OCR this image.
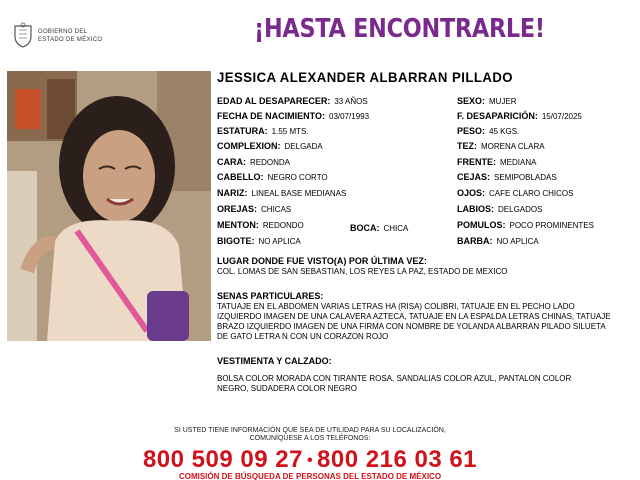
GOBIERNO DEL
ESTADO DE MÉXICO	¡HASTA ENCONTRARLE!
JESSICA ALEXANDER ALBARRAN PILLADO
EDAD AL DESAPARECER: 33 AÑOS
FECHA DE NACIMIENTO: 03/07/1993
ESTATURA: 1.55 MTS.
COMPLEXION: DELGADA
CARA: REDONDA
CABELLO: NEGRO CORTO
NARIZ: LINEAL BASE MEDIANAS
OREJAS: CHICAS
MENTON: REDONDO	BOCA: CHICA
BIGOTE: NO APLICA
SEXO: MUJER
F. DESAPARICIÓN: 15/07/2025
PESO: 45 KGS.
TEZ: MORENA CLARA
FRENTE: MEDIANA
CEJAS: SEMIPOBLADAS
OJOS: CAFE CLARO CHICOS
LABIOS: DELGADOS
POMULOS: POCO PROMINENTES
BARBA: NO APLICA
LUGAR DONDE FUE VISTO(A) POR ÚLTIMA VEZ:
COL. LOMAS DE SAN SEBASTIAN, LOS REYES LA PAZ, ESTADO DE MEXICO
SENAS PARTICULARES:
TATUAJE EN EL ABDOMEN VARIAS LETRAS HA (RISA) COLIBRI, TATUAJE EN EL PECHO LADO IZQUIERDO IMAGEN DE UNA CALAVERA AZTECA, TATUAJE EN LA ESPALDA LETRAS CHINAS, TATUAJE BRAZO IZQUIERDO IMAGEN DE UNA FIRMA CON NOMBRE DE YOLANDA ALBARRAN PILADO SILUETA DE GATO LETRA N CON UN CORAZON ROJO
VESTIMENTA Y CALZADO:
BOLSA COLOR MORADA CON TIRANTE ROSA, SANDALIAS COLOR AZUL, PANTALON COLOR NEGRO, SUDADERA COLOR NEGRO
SI USTED TIENE INFORMACIÓN QUE SEA DE UTILIDAD PARA SU LOCALIZACIÓN,
COMUNÍQUESE A LOS TELÉFONOS:
800 509 09 27 • 800 216 03 61
COMISIÓN DE BÚSQUEDA DE PERSONAS DEL ESTADO DE MÉXICO
